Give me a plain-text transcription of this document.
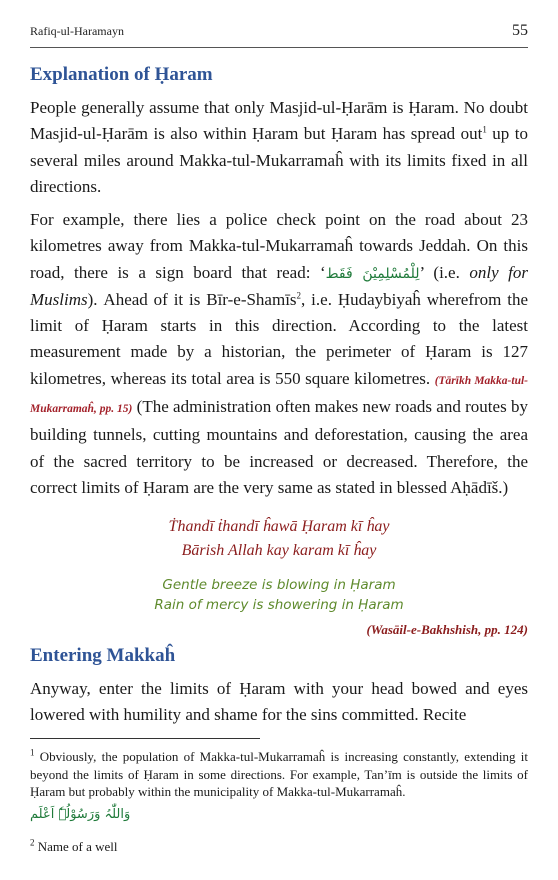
Rafiq-ul-Haramayn	55
Explanation of Ḥaram

People generally assume that only Masjid-ul-Ḥarām is Ḥaram. No doubt Masjid-ul-Ḥarām is also within Ḥaram but Ḥaram has spread out$^1$ up to several miles around Makka-tul-Mukarramaĥ with its limits fixed in all directions.

For example, there lies a police check point on the road about 23 kilometres away from Makka-tul-Mukarramaĥ towards Jeddah. On this road, there is a sign board that read: ‘لِلْمُسْلِمِیْنَ فَقَط’ (i.e. only for Muslims). Ahead of it is Bīr-e-Shamīs$^2$, i.e. Ḥudaybiyaĥ wherefrom the limit of Ḥaram starts in this direction. According to the latest measurement made by a historian, the perimeter of Ḥaram is 127 kilometres, whereas its total area is 550 square kilometres. (Tārīkh Makka-tul-Mukarramaĥ, pp. 15) (The administration often makes new roads and routes by building tunnels, cutting mountains and deforestation, causing the area of the sacred territory to be increased or decreased. Therefore, the correct limits of Ḥaram are the very same as stated in blessed Aḥādīš.)

Ṫhandī ṫhandī ĥawā Ḥaram kī ĥay
Bārish Allah kay karam kī ĥay
Gentle breeze is blowing in Ḥaram
Rain of mercy is showering in Ḥaram
(Wasāil-e-Bakhshish, pp. 124)
Entering Makkaĥ

Anyway, enter the limits of Ḥaram with your head bowed and eyes lowered with humility and shame for the sins committed. Recite

$^1$ Obviously, the population of Makka-tul-Mukarramaĥ is increasing constantly, extending it beyond the limits of Ḥaram in some directions. For example, Tan’īm is outside the limits of Ḥaram but probably within the municipality of Makka-tul-Mukarramaĥ.
وَاللّٰہُ وَرَسُوْلُہٗ اَعْلَم
$^2$ Name of a well
